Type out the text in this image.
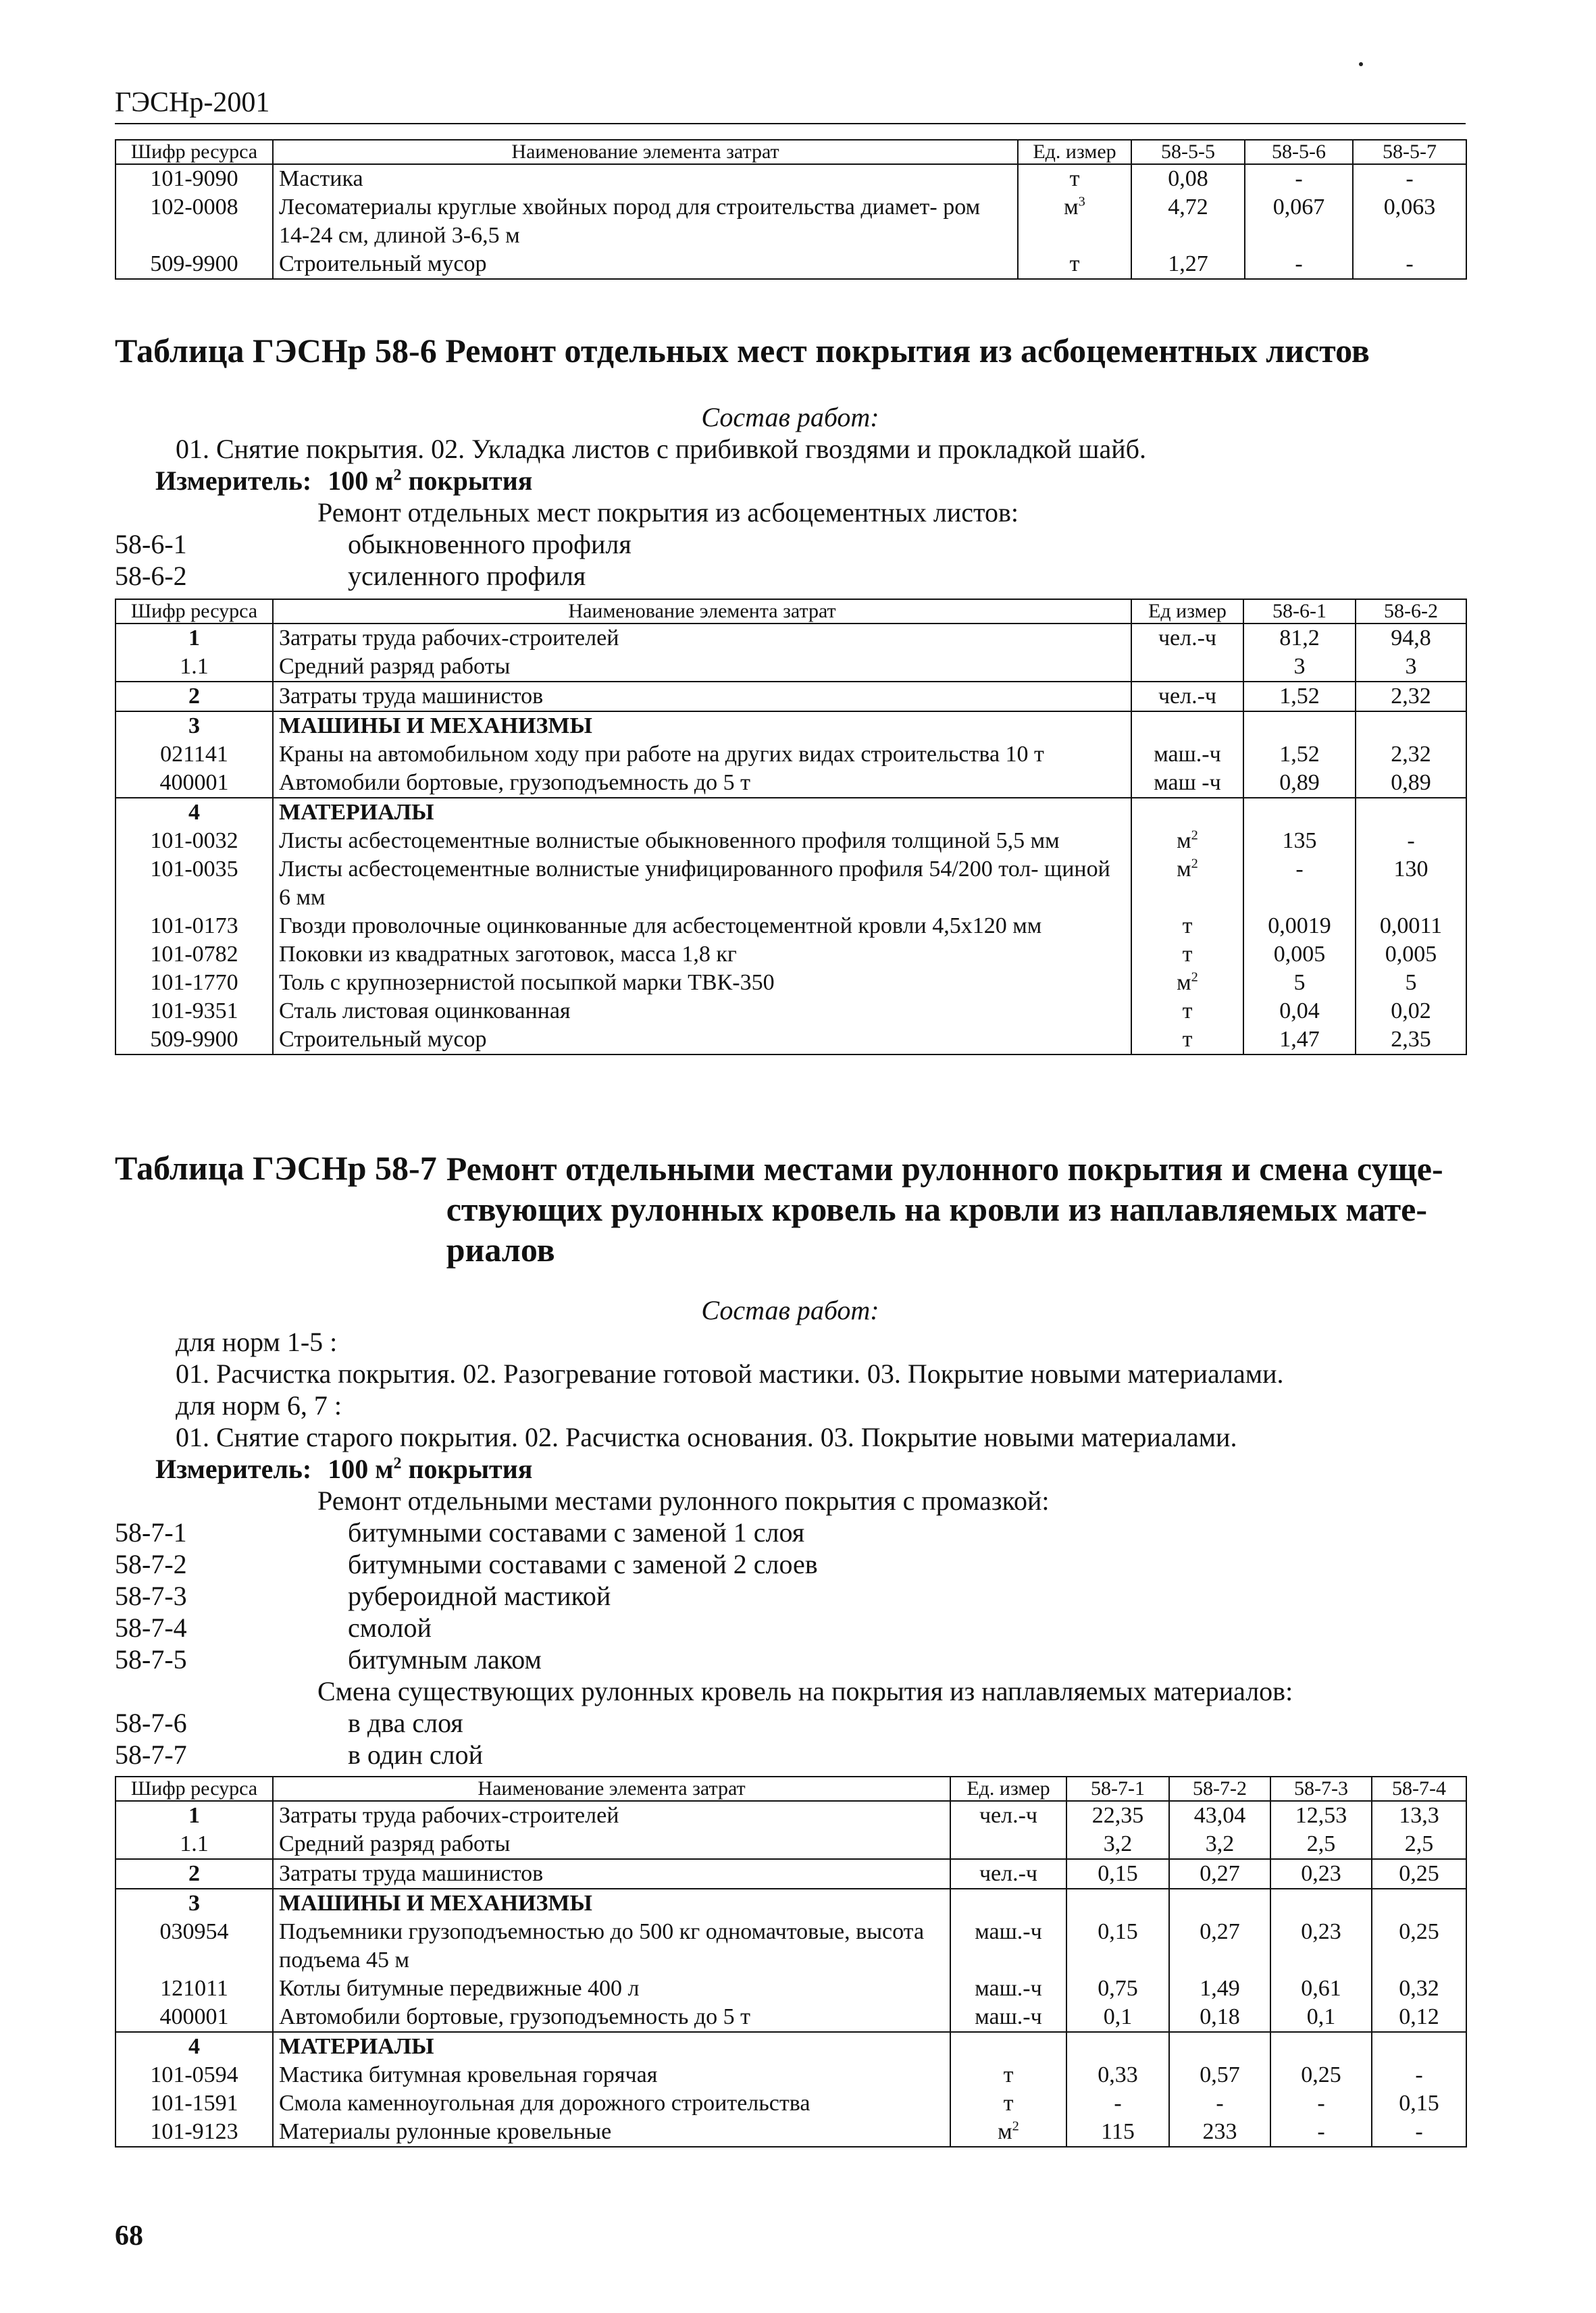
ГЭСНр-2001
Шифр ресурса	Наименование элемента затрат	Ед. измер	58-5-5	58-5-6	58-5-7
101-9090	Мастика	т	0,08	-	-
102-0008	Лесоматериалы круглые хвойных пород для строительства диамет- ром 14-24 см, длиной 3-6,5 м	$м^3$	4,72	0,067	0,063
509-9900	Строительный мусор	т	1,27	-	-
Таблица ГЭСНр 58-6 Ремонт отдельных мест покрытия из асбоцементных листов
Состав работ:
01. Снятие покрытия. 02. Укладка листов с прибивкой гвоздями и прокладкой шайб.
Измеритель: 100 $м^2$ покрытия
Ремонт отдельных мест покрытия из асбоцементных листов:
58-6-1	обыкновенного профиля
58-6-2	усиленного профиля
Шифр ресурса	Наименование элемента затрат	Ед измер	58-6-1	58-6-2
1	Затраты труда рабочих-строителей	чел.-ч	81,2	94,8
1.1	Средний разряд работы		3	3
2	Затраты труда машинистов	чел.-ч	1,52	2,32
3	МАШИНЫ И МЕХАНИЗМЫ			
021141	Краны на автомобильном ходу при работе на других видах строительства 10 т	маш.-ч	1,52	2,32
400001	Автомобили бортовые, грузоподъемность до 5 т	маш -ч	0,89	0,89
4	МАТЕРИАЛЫ			
101-0032	Листы асбестоцементные волнистые обыкновенного профиля толщиной 5,5 мм	$м^2$	135	-
101-0035	Листы асбестоцементные волнистые унифицированного профиля 54/200 тол- щиной 6 мм	$м^2$	-	130
101-0173	Гвозди проволочные оцинкованные для асбестоцементной кровли 4,5х120 мм	т	0,0019	0,0011
101-0782	Поковки из квадратных заготовок, масса 1,8 кг	т	0,005	0,005
101-1770	Толь с крупнозернистой посыпкой марки ТВК-350	$м^2$	5	5
101-9351	Сталь листовая оцинкованная	т	0,04	0,02
509-9900	Строительный мусор	т	1,47	2,35
Таблица ГЭСНр 58-7 Ремонт отдельными местами рулонного покрытия и смена суще- ствующих рулонных кровель на кровли из наплавляемых мате- риалов
Состав работ:
для норм 1-5 :
01. Расчистка покрытия. 02. Разогревание готовой мастики. 03. Покрытие новыми материалами.
для норм 6, 7 :
01. Снятие старого покрытия. 02. Расчистка основания. 03. Покрытие новыми материалами.
Измеритель: 100 $м^2$ покрытия
Ремонт отдельными местами рулонного покрытия с промазкой:
58-7-1	битумными составами с заменой 1 слоя
58-7-2	битумными составами с заменой 2 слоев
58-7-3	рубероидной мастикой
58-7-4	смолой
58-7-5	битумным лаком
Смена существующих рулонных кровель на покрытия из наплавляемых материалов:
58-7-6	в два слоя
58-7-7	в один слой
Шифр ресурса	Наименование элемента затрат	Ед. измер	58-7-1	58-7-2	58-7-3	58-7-4
1	Затраты труда рабочих-строителей	чел.-ч	22,35	43,04	12,53	13,3
1.1	Средний разряд работы		3,2	3,2	2,5	2,5
2	Затраты труда машинистов	чел.-ч	0,15	0,27	0,23	0,25
3	МАШИНЫ И МЕХАНИЗМЫ					
030954	Подъемники грузоподъемностью до 500 кг одномачтовые, высота подъема 45 м	маш.-ч	0,15	0,27	0,23	0,25
121011	Котлы битумные передвижные 400 л	маш.-ч	0,75	1,49	0,61	0,32
400001	Автомобили бортовые, грузоподъемность до 5 т	маш.-ч	0,1	0,18	0,1	0,12
4	МАТЕРИАЛЫ					
101-0594	Мастика битумная кровельная горячая	т	0,33	0,57	0,25	-
101-1591	Смола каменноугольная для дорожного строительства	т	-	-	-	0,15
101-9123	Материалы рулонные кровельные	$м^2$	115	233	-	-
68
